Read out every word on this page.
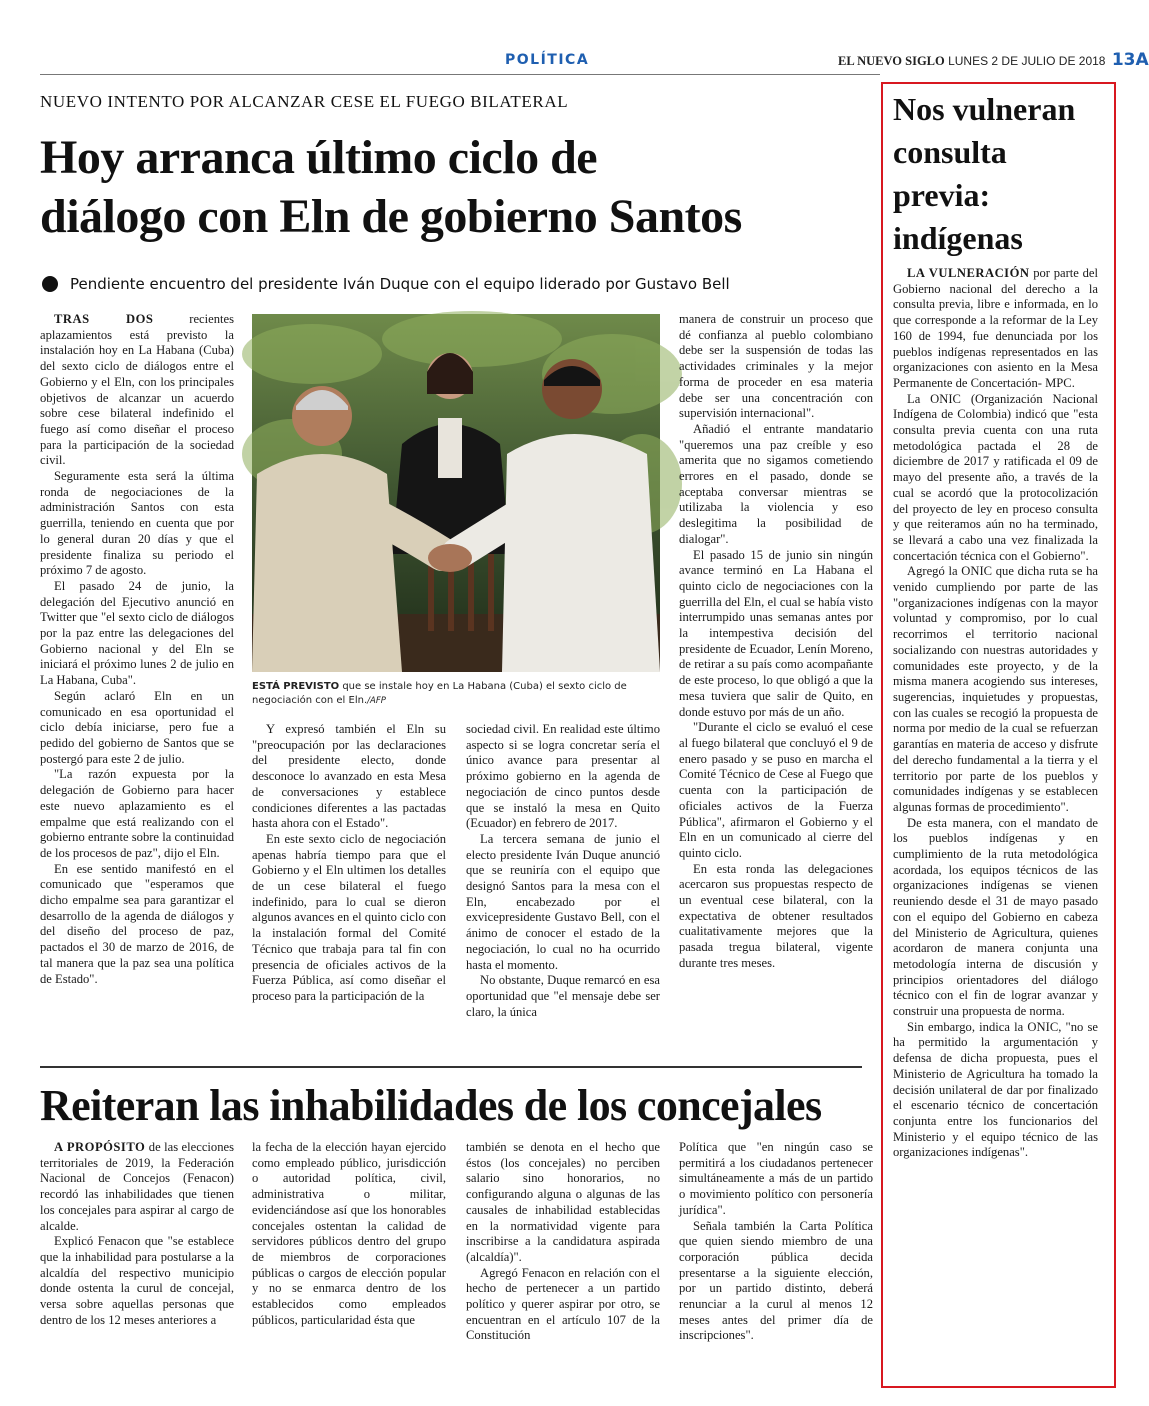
POLÍTICA	EL NUEVO SIGLO LUNES 2 DE JULIO DE 2018 13A
NUEVO INTENTO POR ALCANZAR CESE EL FUEGO BILATERAL
Hoy arranca último ciclo de
diálogo con Eln de gobierno Santos
Pendiente encuentro del presidente Iván Duque con el equipo liderado por Gustavo Bell

TRAS DOS recientes aplazamientos está previsto la instalación hoy en La Habana (Cuba) del sexto ciclo de diálogos entre el Gobierno y el Eln, con los principales objetivos de alcanzar un acuerdo sobre cese bilateral indefinido el fuego así como diseñar el proceso para la participación de la sociedad civil.

Seguramente esta será la última ronda de negociaciones de la administración Santos con esta guerrilla, teniendo en cuenta que por lo general duran 20 días y que el presidente finaliza su periodo el próximo 7 de agosto.

El pasado 24 de junio, la delegación del Ejecutivo anunció en Twitter que "el sexto ciclo de diálogos por la paz entre las delegaciones del Gobierno nacional y del Eln se iniciará el próximo lunes 2 de julio en La Habana, Cuba".

Según aclaró Eln en un comunicado en esa oportunidad el ciclo debía iniciarse, pero fue a pedido del gobierno de Santos que se postergó para este 2 de julio.

"La razón expuesta por la delegación de Gobierno para hacer este nuevo aplazamiento es el empalme que está realizando con el gobierno entrante sobre la continuidad de los procesos de paz", dijo el Eln.

En ese sentido manifestó en el comunicado que "esperamos que dicho empalme sea para garantizar el desarrollo de la agenda de diálogos y del diseño del proceso de paz, pactados el 30 de marzo de 2016, de tal manera que la paz sea una política de Estado".

ESTÁ PREVISTO que se instale hoy en La Habana (Cuba) el sexto ciclo de negociación con el Eln./AFP

Y expresó también el Eln su "preocupación por las declaraciones del presidente electo, donde desconoce lo avanzado en esta Mesa de conversaciones y establece condiciones diferentes a las pactadas hasta ahora con el Estado".

En este sexto ciclo de negociación apenas habría tiempo para que el Gobierno y el Eln ultimen los detalles de un cese bilateral el fuego indefinido, para lo cual se dieron algunos avances en el quinto ciclo con la instalación formal del Comité Técnico que trabaja para tal fin con presencia de oficiales activos de la Fuerza Pública, así como diseñar el proceso para la participación de la

sociedad civil. En realidad este último aspecto si se logra concretar sería el único avance para presentar al próximo gobierno en la agenda de negociación de cinco puntos desde que se instaló la mesa en Quito (Ecuador) en febrero de 2017.

La tercera semana de junio el electo presidente Iván Duque anunció que se reuniría con el equipo que designó Santos para la mesa con el Eln, encabezado por el exvicepresidente Gustavo Bell, con el ánimo de conocer el estado de la negociación, lo cual no ha ocurrido hasta el momento.

No obstante, Duque remarcó en esa oportunidad que "el mensaje debe ser claro, la única

manera de construir un proceso que dé confianza al pueblo colombiano debe ser la suspensión de todas las actividades criminales y la mejor forma de proceder en esa materia debe ser una concentración con supervisión internacional".

Añadió el entrante mandatario "queremos una paz creíble y eso amerita que no sigamos cometiendo errores en el pasado, donde se aceptaba conversar mientras se utilizaba la violencia y eso deslegitima la posibilidad de dialogar".

El pasado 15 de junio sin ningún avance terminó en La Habana el quinto ciclo de negociaciones con la guerrilla del Eln, el cual se había visto interrumpido unas semanas antes por la intempestiva decisión del presidente de Ecuador, Lenín Moreno, de retirar a su país como acompañante de este proceso, lo que obligó a que la mesa tuviera que salir de Quito, en donde estuvo por más de un año.

"Durante el ciclo se evaluó el cese al fuego bilateral que concluyó el 9 de enero pasado y se puso en marcha el Comité Técnico de Cese al Fuego que cuenta con la participación de oficiales activos de la Fuerza Pública", afirmaron el Gobierno y el Eln en un comunicado al cierre del quinto ciclo.

En esta ronda las delegaciones acercaron sus propuestas respecto de un eventual cese bilateral, con la expectativa de obtener resultados cualitativamente mejores que la pasada tregua bilateral, vigente durante tres meses.

Reiteran las inhabilidades de los concejales

A PROPÓSITO de las elecciones territoriales de 2019, la Federación Nacional de Concejos (Fenacon) recordó las inhabilidades que tienen los concejales para aspirar al cargo de alcalde.

Explicó Fenacon que "se establece que la inhabilidad para postularse a la alcaldía del respectivo municipio donde ostenta la curul de concejal, versa sobre aquellas personas que dentro de los 12 meses anteriores a

la fecha de la elección hayan ejercido como empleado público, jurisdicción o autoridad política, civil, administrativa o militar, evidenciándose así que los honorables concejales ostentan la calidad de servidores públicos dentro del grupo de miembros de corporaciones públicas o cargos de elección popular y no se enmarca dentro de los establecidos como empleados públicos, particularidad ésta que

también se denota en el hecho que éstos (los concejales) no perciben salario sino honorarios, no configurando alguna o algunas de las causales de inhabilidad establecidas en la normatividad vigente para inscribirse a la candidatura aspirada (alcaldía)".

Agregó Fenacon en relación con el hecho de pertenecer a un partido político y querer aspirar por otro, se encuentran en el artículo 107 de la Constitución

Política que "en ningún caso se permitirá a los ciudadanos pertenecer simultáneamente a más de un partido o movimiento político con personería jurídica".

Señala también la Carta Política que quien siendo miembro de una corporación pública decida presentarse a la siguiente elección, por un partido distinto, deberá renunciar a la curul al menos 12 meses antes del primer día de inscripciones".

Nos vulneran
consulta
previa:
indígenas

LA VULNERACIÓN por parte del Gobierno nacional del derecho a la consulta previa, libre e informada, en lo que corresponde a la reformar de la Ley 160 de 1994, fue denunciada por los pueblos indígenas representados en las organizaciones con asiento en la Mesa Permanente de Concertación- MPC.

La ONIC (Organización Nacional Indígena de Colombia) indicó que "esta consulta previa cuenta con una ruta metodológica pactada el 28 de diciembre de 2017 y ratificada el 09 de mayo del presente año, a través de la cual se acordó que la protocolización del proyecto de ley en proceso consulta y que reiteramos aún no ha terminado, se llevará a cabo una vez finalizada la concertación técnica con el Gobierno".

Agregó la ONIC que dicha ruta se ha venido cumpliendo por parte de las "organizaciones indígenas con la mayor voluntad y compromiso, por lo cual recorrimos el territorio nacional socializando con nuestras autoridades y comunidades este proyecto, y de la misma manera acogiendo sus intereses, sugerencias, inquietudes y propuestas, con las cuales se recogió la propuesta de norma por medio de la cual se refuerzan garantías en materia de acceso y disfrute del derecho fundamental a la tierra y el territorio por parte de los pueblos y comunidades indígenas y se establecen algunas formas de procedimiento".

De esta manera, con el mandato de los pueblos indígenas y en cumplimiento de la ruta metodológica acordada, los equipos técnicos de las organizaciones indígenas se vienen reuniendo desde el 31 de mayo pasado con el equipo del Gobierno en cabeza del Ministerio de Agricultura, quienes acordaron de manera conjunta una metodología interna de discusión y principios orientadores del diálogo técnico con el fin de lograr avanzar y construir una propuesta de norma.

Sin embargo, indica la ONIC, "no se ha permitido la argumentación y defensa de dicha propuesta, pues el Ministerio de Agricultura ha tomado la decisión unilateral de dar por finalizado el escenario técnico de concertación conjunta entre los funcionarios del Ministerio y el equipo técnico de las organizaciones indígenas".
